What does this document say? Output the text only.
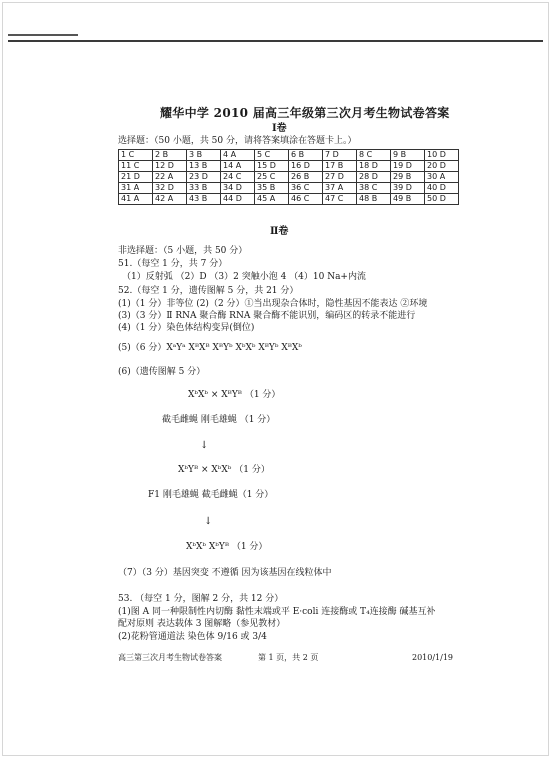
耀华中学 2010 届高三年级第三次月考生物试卷答案
Ⅰ卷
选择题：（50 小题，共 50 分，请将答案填涂在答题卡上。）
1 C	2 B	3 B	4 A	5 C	6 B	7 D	8 C	9 B	10 D
11 C	12 D	13 B	14 A	15 D	16 D	17 B	18 D	19 D	20 D
21 D	22 A	23 D	24 C	25 C	26 B	27 D	28 D	29 B	30 A
31 A	32 D	33 B	34 D	35 B	36 C	37 A	38 C	39 D	40 D
41 A	42 A	43 B	44 D	45 A	46 C	47 C	48 B	49 B	50 D
Ⅱ卷
非选择题：（5 小题，共 50 分）
51.（每空 1 分，共 7 分）
（1）反射弧 （2）D （3）2 突触小泡 4 （4）10 Na+内流
52.（每空 1 分，遗传图解 5 分，共 21 分）
(1)（1 分）非等位 (2)（2 分）①当出现杂合体时，隐性基因不能表达 ②环境
(3)（3 分）Ⅱ RNA 聚合酶 RNA 聚合酶不能识别，编码区的转录不能进行
(4)（1 分）染色体结构变异(倒位)
(5)（6 分）XᵃYᵃ XᴮXᴮ XᴮYᵇ XᵇXᵇ XᴮYᵇ XᴮXᵇ
(6)（遗传图解 5 分）
XᵇXᵇ × XᴮYᴮ （1 分）
截毛雌蝇 刚毛雄蝇 （1 分）
↓
XᵇYᴮ × XᵇXᵇ （1 分）
F1 刚毛雄蝇 截毛雌蝇（1 分）
↓
XᵇXᵇ XᵇYᴮ （1 分）
（7）（3 分）基因突变 不遵循 因为该基因在线粒体中
53. （每空 1 分，图解 2 分，共 12 分）
(1)图 A 同一种限制性内切酶 黏性末端或平 E·coli 连接酶或 T₄连接酶 碱基互补
配对原则 表达载体 3 图解略（参见教材）
(2)花粉管通道法 染色体 9/16 或 3/4
高三第三次月考生物试卷答案	第 1 页，共 2 页	2010/1/19
